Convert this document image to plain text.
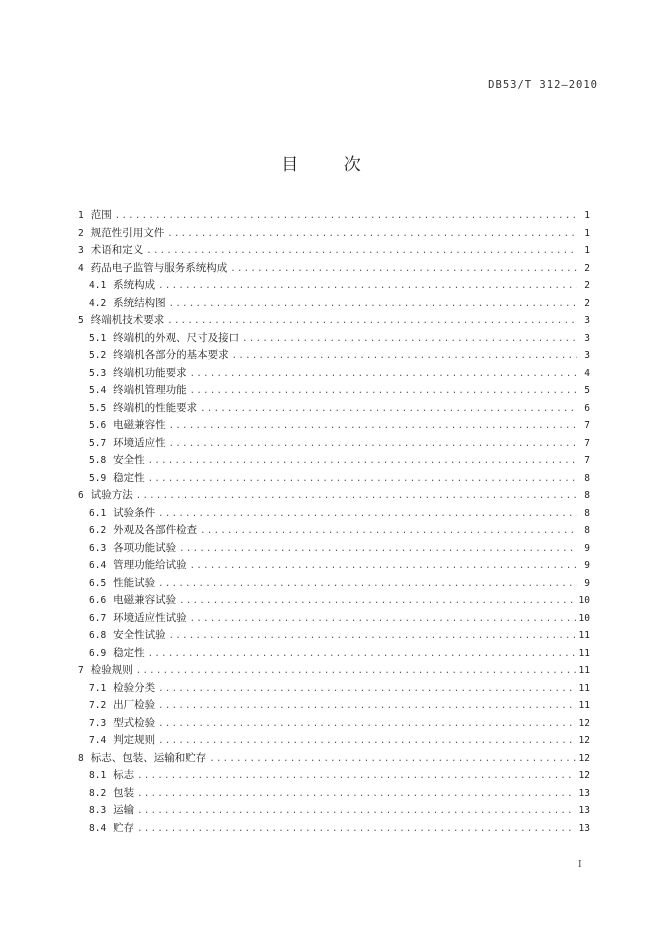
DB53/T 312—2010
目 次
1 范围 .....	1
2 规范性引用文件 .....	1
3 术语和定义 .....	1
4 药品电子监管与服务系统构成 .....	2
4.1 系统构成 .....	2
4.2 系统结构图 .....	2
5 终端机技术要求 .....	3
5.1 终端机的外观、尺寸及接口 .....	3
5.2 终端机各部分的基本要求 .....	3
5.3 终端机功能要求 .....	4
5.4 终端机管理功能 .....	5
5.5 终端机的性能要求 .....	6
5.6 电磁兼容性 .....	7
5.7 环境适应性 .....	7
5.8 安全性 .....	7
5.9 稳定性 .....	8
6 试验方法 .....	8
6.1 试验条件 .....	8
6.2 外观及各部件检查 .....	8
6.3 各项功能试验 .....	9
6.4 管理功能给试验 .....	9
6.5 性能试验 .....	9
6.6 电磁兼容试验 .....	10
6.7 环境适应性试验 .....	10
6.8 安全性试验 .....	11
6.9 稳定性 .....	11
7 检验规则 .....	11
7.1 检验分类 .....	11
7.2 出厂检验 .....	11
7.3 型式检验 .....	12
7.4 判定规则 .....	12
8 标志、包装、运输和贮存 .....	12
8.1 标志 .....	12
8.2 包装 .....	13
8.3 运输 .....	13
8.4 贮存 .....	13
I
